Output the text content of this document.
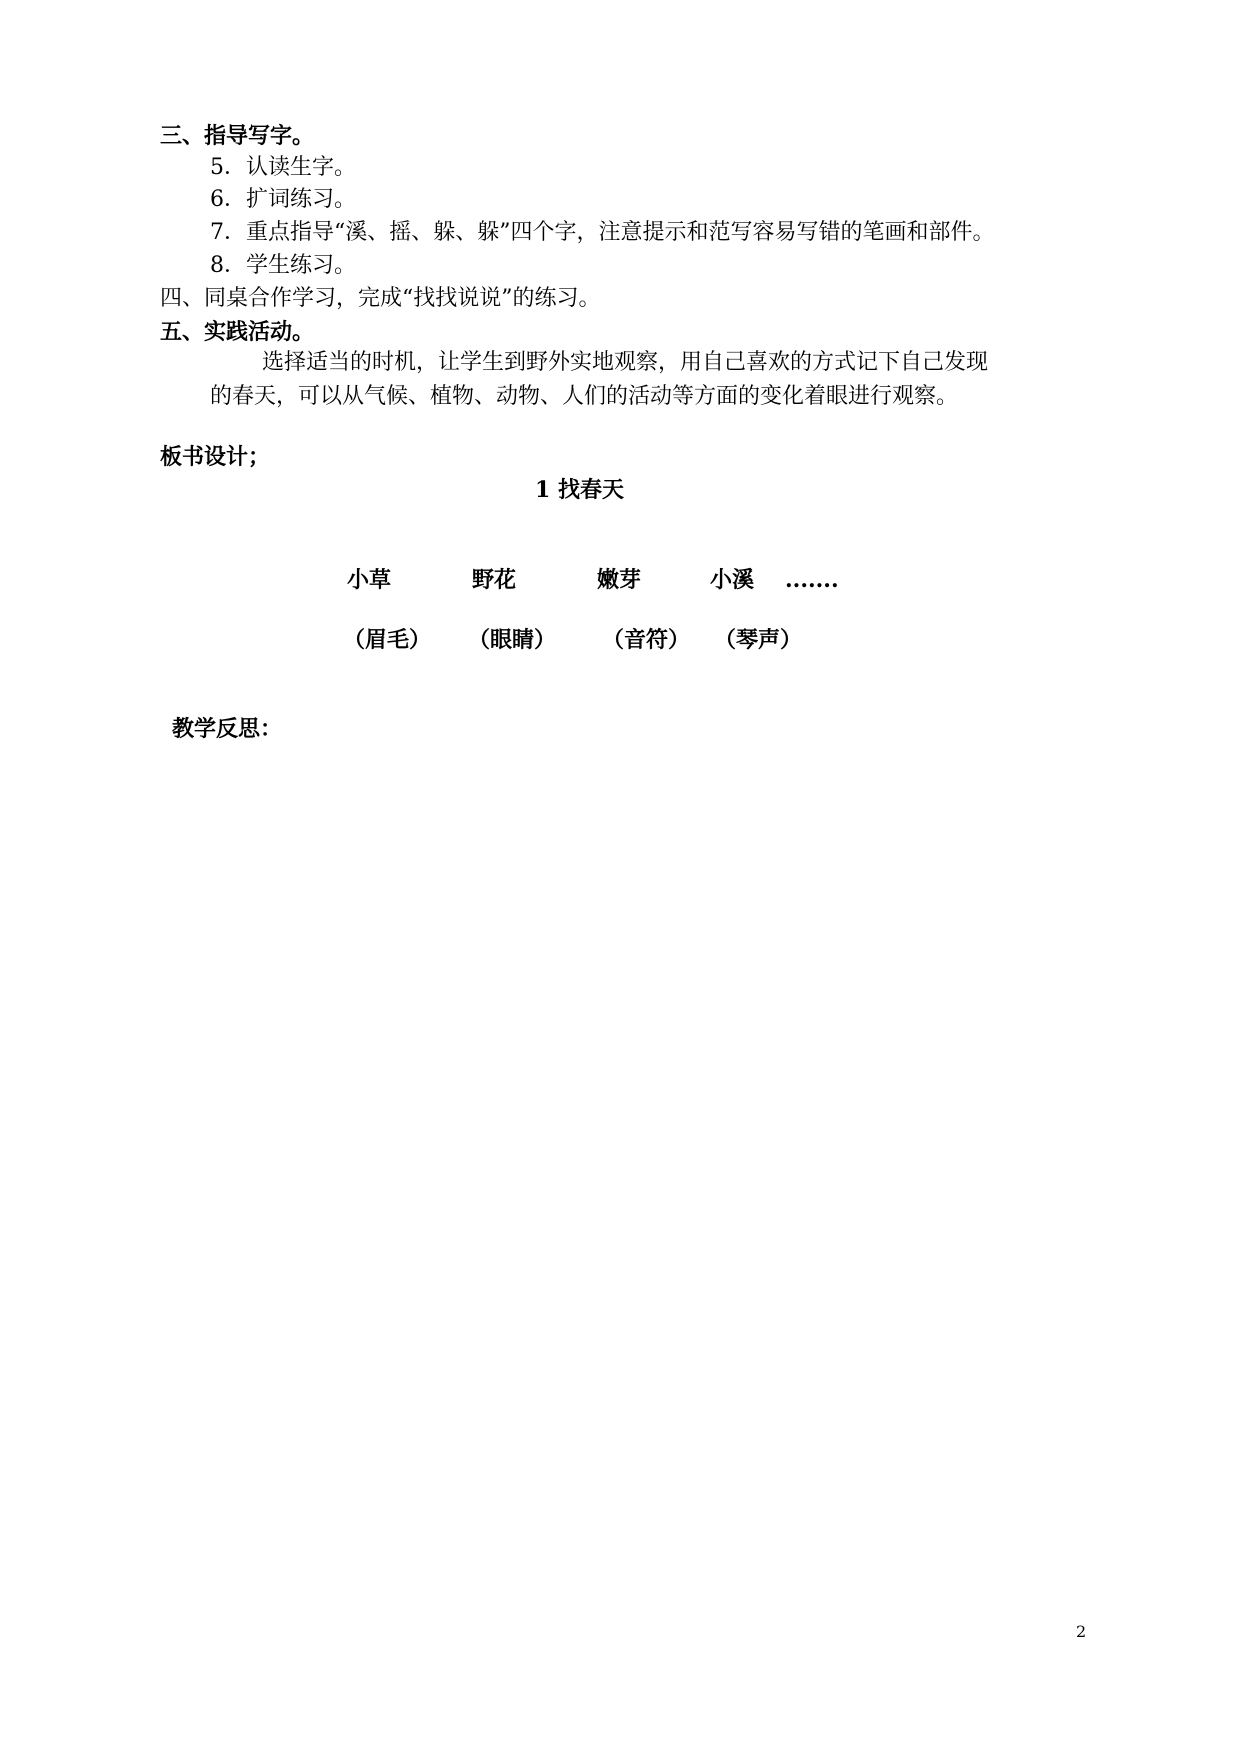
三、指导写字。
5．认读生字。
6．扩词练习。
7．重点指导“溪、摇、躲、躲”四个字，注意提示和范写容易写错的笔画和部件。
8．学生练习。
四、同桌合作学习，完成“找找说说”的练习。
五、实践活动。
选择适当的时机，让学生到野外实地观察，用自己喜欢的方式记下自己发现
的春天，可以从气候、植物、动物、人们的活动等方面的变化着眼进行观察。
板书设计；
1 找春天
小草	野花	嫩芽	小溪 .......
（眉毛） （眼睛） （音符） （琴声）
教学反思：
2
